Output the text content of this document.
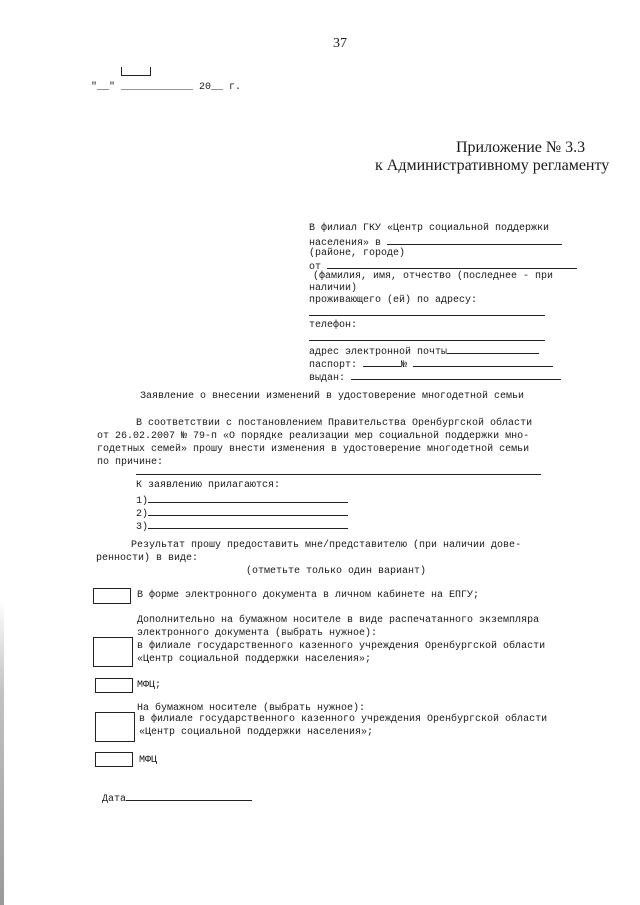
37
"__" ____________ 20__ г.
Приложение № 3.3
к Административному регламенту
В филиал ГКУ «Центр социальной поддержки
населения» в
(районе, городе)
от
(фамилия, имя, отчество (последнее - при
наличии)
проживающего (ей) по адресу:
телефон:
адрес электронной почты
паспорт:	№
выдан:
Заявление о внесении изменений в удостоверение многодетной семьи
В соответствии с постановлением Правительства Оренбургской области
от 26.02.2007 № 79-п «О порядке реализации мер социальной поддержки мно-
годетных семей» прошу внести изменения в удостоверение многодетной семьи
по причине:
К заявлению прилагаются:
1)
2)
3)
Результат прошу предоставить мне/представителю (при наличии дове-
ренности) в виде:
(отметьте только один вариант)
В форме электронного документа в личном кабинете на ЕПГУ;
Дополнительно на бумажном носителе в виде распечатанного экземпляра
электронного документа (выбрать нужное):
в филиале государственного казенного учреждения Оренбургской области
«Центр социальной поддержки населения»;
МФЦ;
На бумажном носителе (выбрать нужное):
в филиале государственного казенного учреждения Оренбургской области
«Центр социальной поддержки населения»;
МФЦ
Дата
